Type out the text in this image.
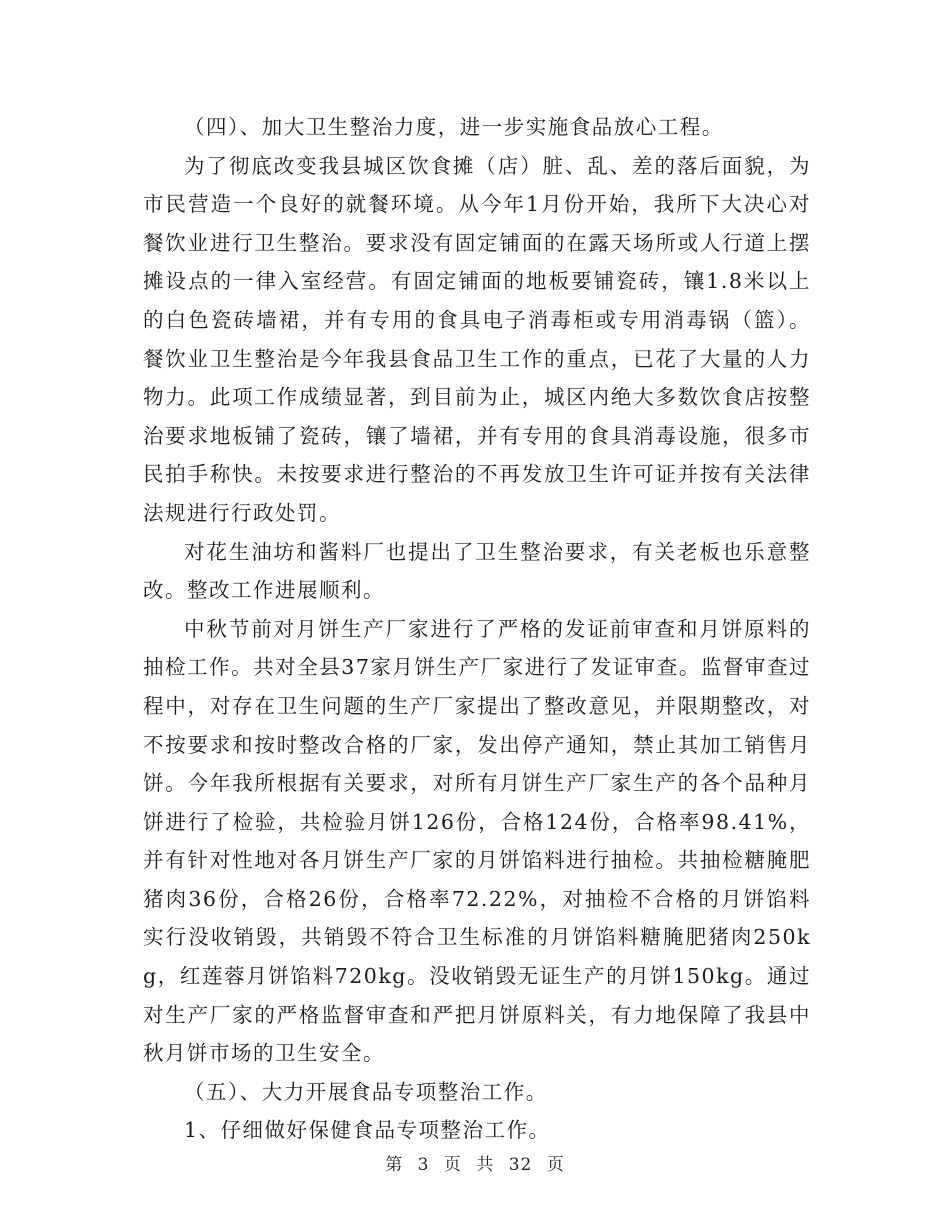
（四）、加大卫生整治力度，进一步实施食品放心工程。

为了彻底改变我县城区饮食摊（店）脏、乱、差的落后面貌，为市民营造一个良好的就餐环境。从今年1月份开始，我所下大决心对餐饮业进行卫生整治。要求没有固定铺面的在露天场所或人行道上摆摊设点的一律入室经营。有固定铺面的地板要铺瓷砖，镶1.8米以上的白色瓷砖墙裙，并有专用的食具电子消毒柜或专用消毒锅（篮）。餐饮业卫生整治是今年我县食品卫生工作的重点，已花了大量的人力物力。此项工作成绩显著，到目前为止，城区内绝大多数饮食店按整治要求地板铺了瓷砖，镶了墙裙，并有专用的食具消毒设施，很多市民拍手称快。未按要求进行整治的不再发放卫生许可证并按有关法律法规进行行政处罚。

对花生油坊和酱料厂也提出了卫生整治要求，有关老板也乐意整改。整改工作进展顺利。

中秋节前对月饼生产厂家进行了严格的发证前审查和月饼原料的抽检工作。共对全县37家月饼生产厂家进行了发证审查。监督审查过程中，对存在卫生问题的生产厂家提出了整改意见，并限期整改，对不按要求和按时整改合格的厂家，发出停产通知，禁止其加工销售月饼。今年我所根据有关要求，对所有月饼生产厂家生产的各个品种月饼进行了检验，共检验月饼126份，合格124份，合格率98.41%，并有针对性地对各月饼生产厂家的月饼馅料进行抽检。共抽检糖腌肥猪肉36份，合格26份，合格率72.22%，对抽检不合格的月饼馅料实行没收销毁，共销毁不符合卫生标准的月饼馅料糖腌肥猪肉250kg，红莲蓉月饼馅料720kg。没收销毁无证生产的月饼150kg。通过对生产厂家的严格监督审查和严把月饼原料关，有力地保障了我县中秋月饼市场的卫生安全。

（五）、大力开展食品专项整治工作。

1、仔细做好保健食品专项整治工作。

第 3 页 共 32 页
